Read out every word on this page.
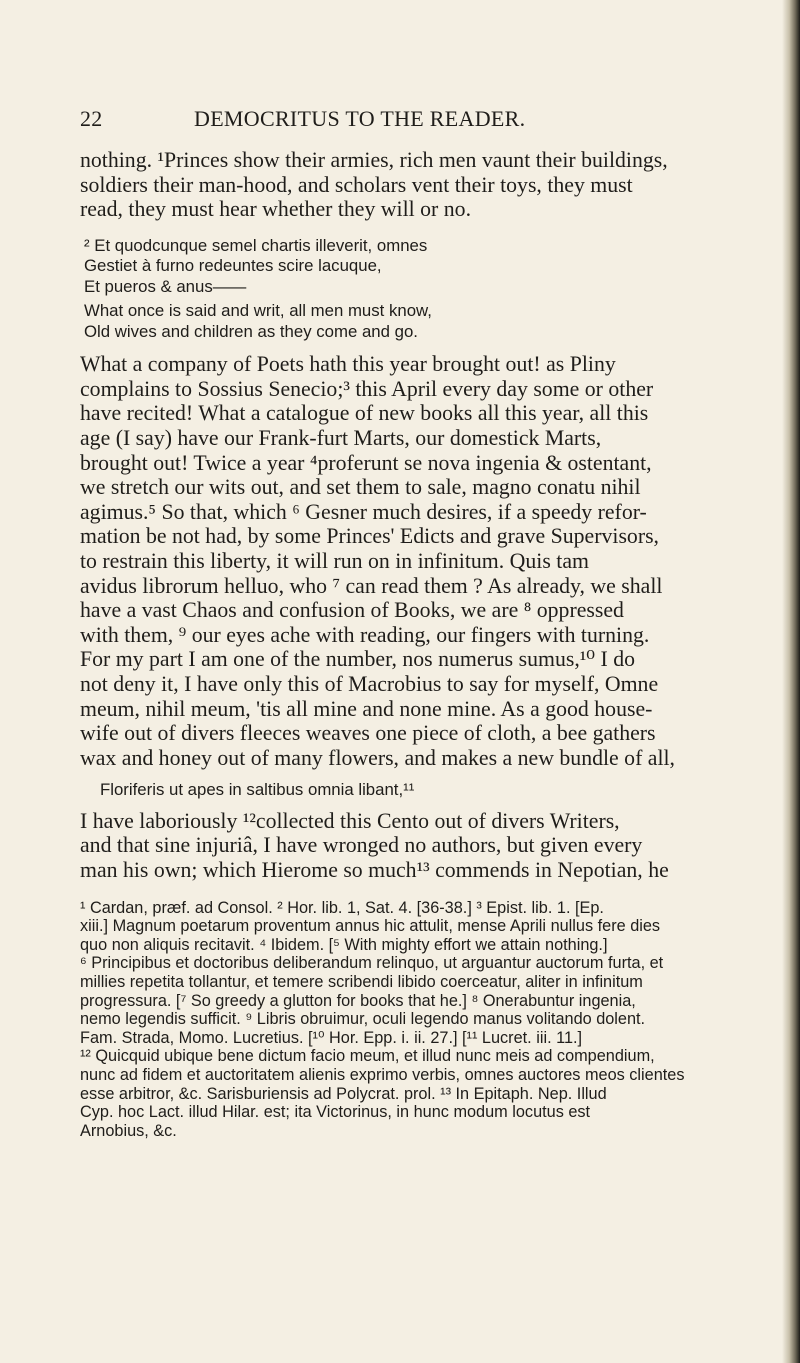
22	DEMOCRITUS TO THE READER.

nothing. ¹Princes show their armies, rich men vaunt their buildings,
soldiers their man-hood, and scholars vent their toys, they must
read, they must hear whether they will or no.

² Et quodcunque semel chartis illeverit, omnes
Gestiet à furno redeuntes scire lacuque,
Et pueros & anus——
What once is said and writ, all men must know,
Old wives and children as they come and go.

What a company of Poets hath this year brought out! as Pliny
complains to Sossius Senecio;³ this April every day some or other
have recited! What a catalogue of new books all this year, all this
age (I say) have our Frank-furt Marts, our domestick Marts,
brought out! Twice a year ⁴proferunt se nova ingenia & ostentant,
we stretch our wits out, and set them to sale, magno conatu nihil
agimus.⁵ So that, which ⁶ Gesner much desires, if a speedy refor-
mation be not had, by some Princes' Edicts and grave Supervisors,
to restrain this liberty, it will run on in infinitum. Quis tam
avidus librorum helluo, who ⁷ can read them ? As already, we shall
have a vast Chaos and confusion of Books, we are ⁸ oppressed
with them, ⁹ our eyes ache with reading, our fingers with turning.
For my part I am one of the number, nos numerus sumus,¹⁰ I do
not deny it, I have only this of Macrobius to say for myself, Omne
meum, nihil meum, 'tis all mine and none mine. As a good house-
wife out of divers fleeces weaves one piece of cloth, a bee gathers
wax and honey out of many flowers, and makes a new bundle of all,

Floriferis ut apes in saltibus omnia libant,¹¹

I have laboriously ¹²collected this Cento out of divers Writers,
and that sine injuriâ, I have wronged no authors, but given every
man his own; which Hierome so much¹³ commends in Nepotian, he

¹ Cardan, præf. ad Consol. ² Hor. lib. 1, Sat. 4. [36-38.] ³ Epist. lib. 1. [Ep.
xiii.] Magnum poetarum proventum annus hic attulit, mense Aprili nullus fere dies
quo non aliquis recitavit. ⁴ Ibidem. [⁵ With mighty effort we attain nothing.]
⁶ Principibus et doctoribus deliberandum relinquo, ut arguantur auctorum furta, et
millies repetita tollantur, et temere scribendi libido coerceatur, aliter in infinitum
progressura. [⁷ So greedy a glutton for books that he.] ⁸ Onerabuntur ingenia,
nemo legendis sufficit. ⁹ Libris obruimur, oculi legendo manus volitando dolent.
Fam. Strada, Momo. Lucretius. [¹⁰ Hor. Epp. i. ii. 27.] [¹¹ Lucret. iii. 11.]
¹² Quicquid ubique bene dictum facio meum, et illud nunc meis ad compendium,
nunc ad fidem et auctoritatem alienis exprimo verbis, omnes auctores meos clientes
esse arbitror, &c. Sarisburiensis ad Polycrat. prol. ¹³ In Epitaph. Nep. Illud
Cyp. hoc Lact. illud Hilar. est; ita Victorinus, in hunc modum locutus est
Arnobius, &c.
